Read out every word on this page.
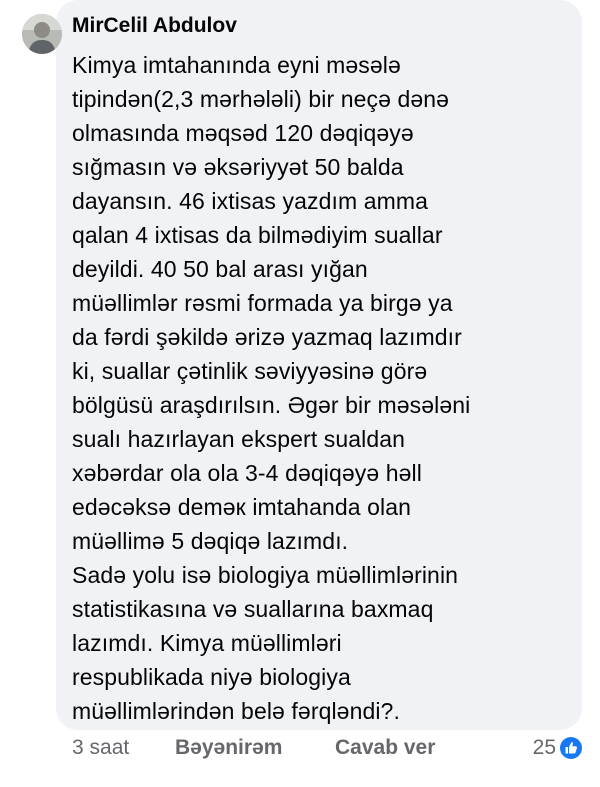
MirCelil Abdulov
Kimya imtahanında eyni məsələ
tipindən(2,3 mərhələli) bir neçə dənə
olmasında məqsəd 120 dəqiqəyə
sığmasın və əksəriyyət 50 balda
dayansın. 46 ixtisas yazdım amma
qalan 4 ixtisas da bilmədiyim suallar
deyildi. 40 50 bal arası yığan
müəllimlər rəsmi formada ya birgə ya
da fərdi şəkildə ərizə yazmaq lazımdır
ki, suallar çətinlik səviyyəsinə görə
bölgüsü araşdırılsın. Əgər bir məsələni
sualı hazırlayan ekspert sualdan
xəbərdar ola ola 3-4 dəqiqəyə həll
edəcəksə deməк imtahanda olan
müəllimə 5 dəqiqə lazımdı.
Sadə yolu isə biologiya müəllimlərinin
statistikasına və suallarına baxmaq
lazımdı. Kimya müəllimləri
respublikada niyə biologiya
müəllimlərindən belə fərqləndi?.
3 saat Bəyənirəm	Cavab ver	25
